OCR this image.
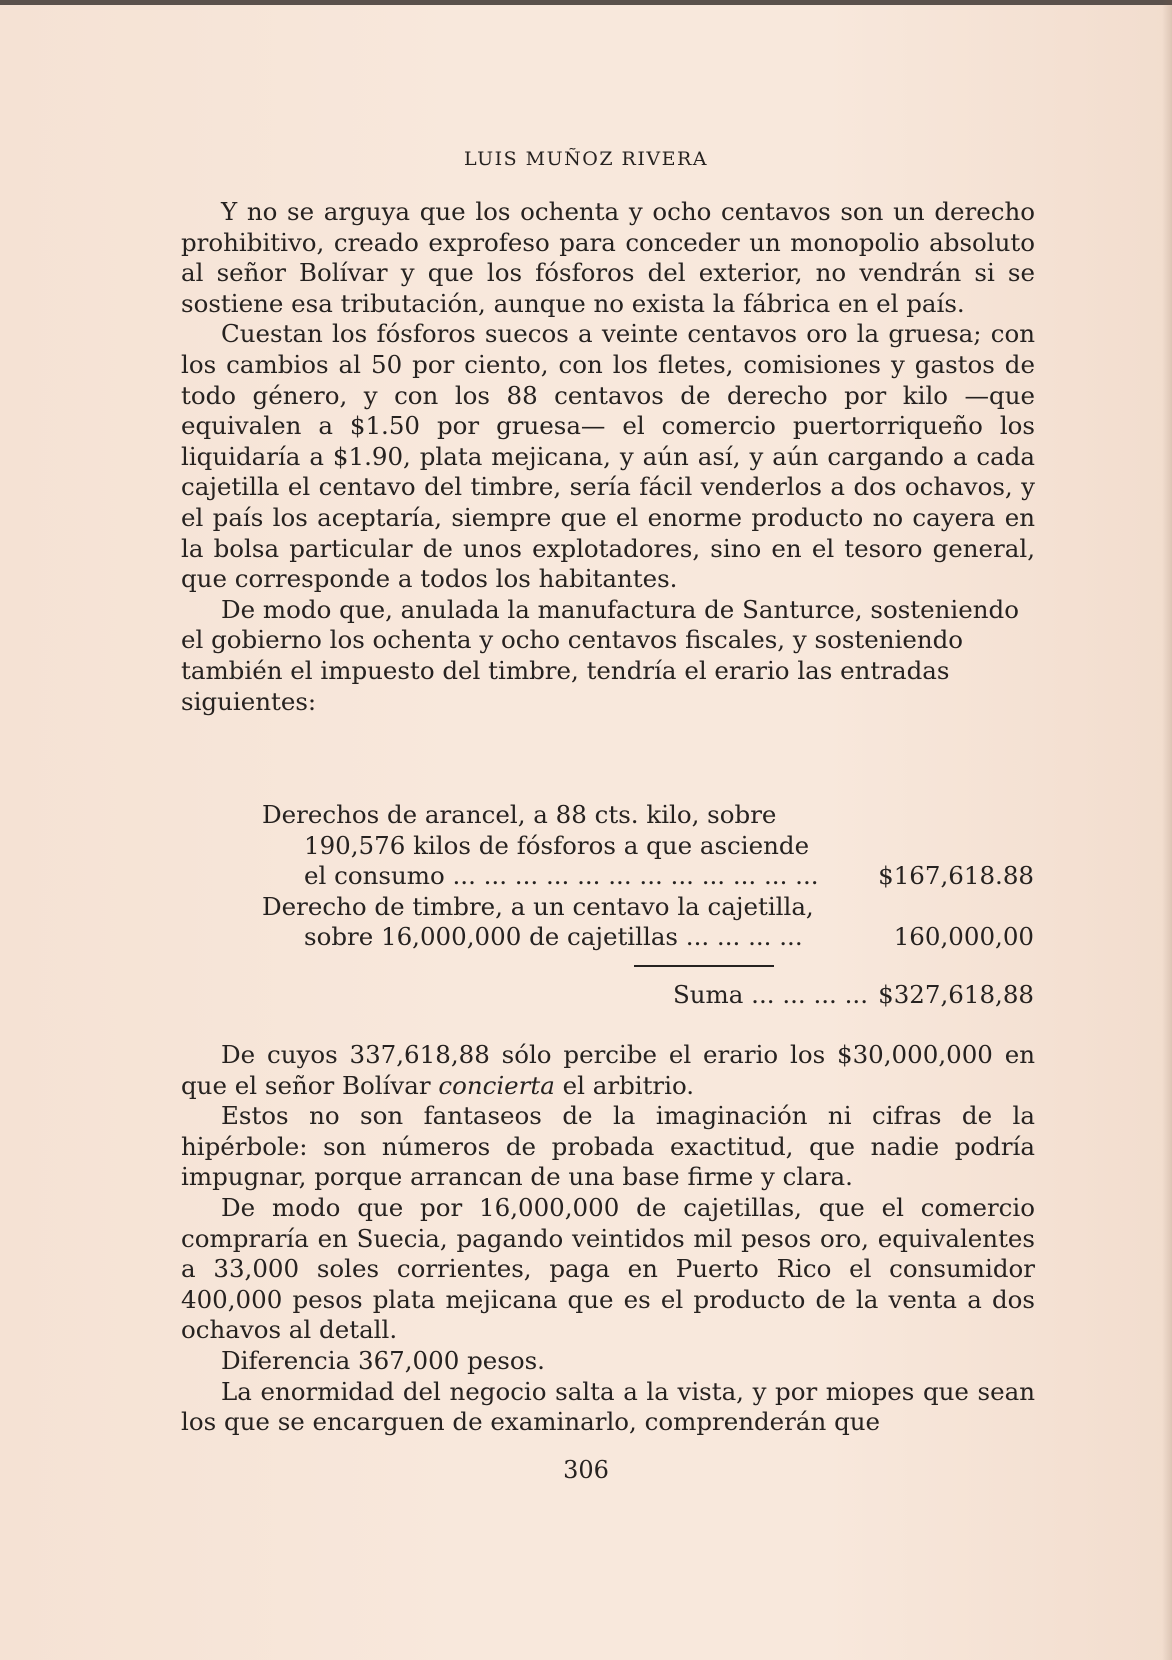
LUIS MUÑOZ RIVERA

Y no se arguya que los ochenta y ocho centavos son un derecho prohibitivo, creado exprofeso para conceder un monopolio absoluto al señor Bolívar y que los fósforos del exterior, no vendrán si se sostiene esa tributación, aunque no exista la fábrica en el país.

Cuestan los fósforos suecos a veinte centavos oro la gruesa; con los cambios al 50 por ciento, con los fletes, comisiones y gastos de todo género, y con los 88 centavos de derecho por kilo —que equivalen a $1.50 por gruesa— el comercio puertorriqueño los liquidaría a $1.90, plata mejicana, y aún así, y aún cargando a cada cajetilla el centavo del timbre, sería fácil venderlos a dos ochavos, y el país los aceptaría, siempre que el enorme producto no cayera en la bolsa particular de unos explotadores, sino en el tesoro general, que corresponde a todos los habitantes.

De modo que, anulada la manufactura de Santurce, sosteniendo el gobierno los ochenta y ocho centavos fiscales, y sosteniendo también el impuesto del timbre, tendría el erario las entradas siguientes:

Derechos de arancel, a 88 cts. kilo, sobre
190,576 kilos de fósforos a que asciende
el consumo ... ... ... ... ... ... ... ... ... ... ... ... $167,618.88
Derecho de timbre, a un centavo la cajetilla,
sobre 16,000,000 de cajetillas ... ... ... ...	160,000,00
Suma ... ... ... ... $327,618,88

De cuyos 337,618,88 sólo percibe el erario los $30,000,000 en que el señor Bolívar concierta el arbitrio.

Estos no son fantaseos de la imaginación ni cifras de la hipérbole: son números de probada exactitud, que nadie podría impugnar, porque arrancan de una base firme y clara.

De modo que por 16,000,000 de cajetillas, que el comercio compraría en Suecia, pagando veintidos mil pesos oro, equivalentes a 33,000 soles corrientes, paga en Puerto Rico el consumidor 400,000 pesos plata mejicana que es el producto de la venta a dos ochavos al detall.

Diferencia 367,000 pesos.

La enormidad del negocio salta a la vista, y por miopes que sean los que se encarguen de examinarlo, comprenderán que

306
